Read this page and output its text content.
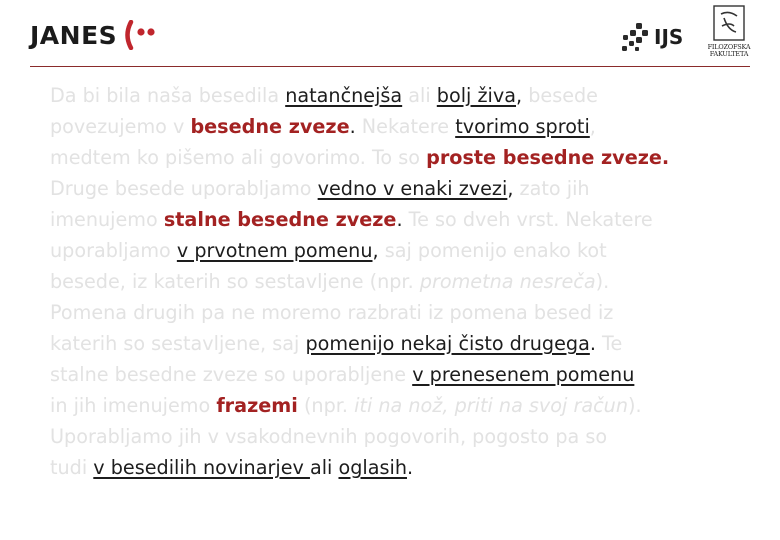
JANES	IJS	FILOZOFSKA FAKULTETA
Da bi bila naša besedila natančnejša ali bolj živa, besede
povezujemo v besedne zveze. Nekatere tvorimo sproti,
medtem ko pišemo ali govorimo. To so proste besedne zveze.
Druge besede uporabljamo vedno v enaki zvezi, zato jih
imenujemo stalne besedne zveze. Te so dveh vrst. Nekatere
uporabljamo v prvotnem pomenu, saj pomenijo enako kot
besede, iz katerih so sestavljene (npr. prometna nesreča).
Pomena drugih pa ne moremo razbrati iz pomena besed iz
katerih so sestavljene, saj pomenijo nekaj čisto drugega. Te
stalne besedne zveze so uporabljene v prenesenem pomenu
in jih imenujemo frazemi (npr. iti na nož, priti na svoj račun).
Uporabljamo jih v vsakodnevnih pogovorih, pogosto pa so
tudi v besedilih novinarjev ali oglasih.
